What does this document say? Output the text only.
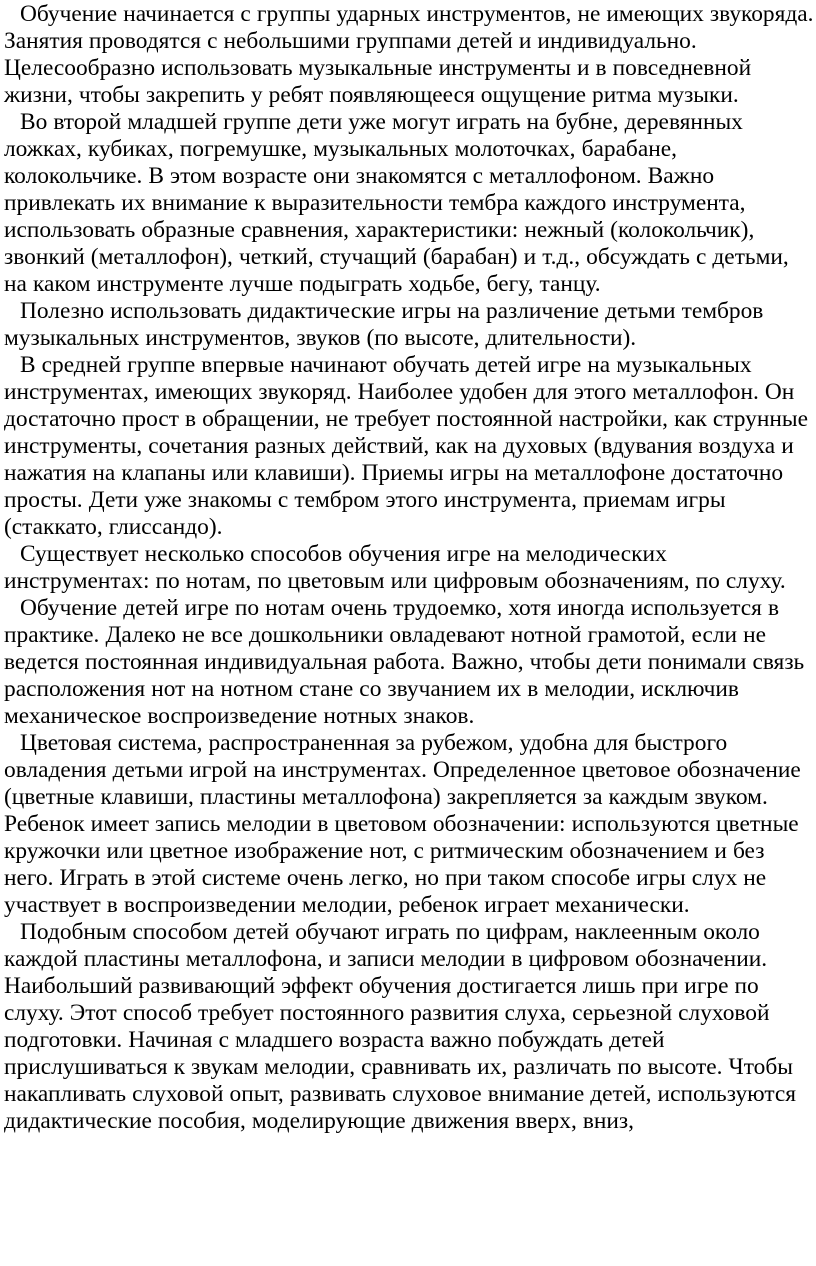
Обучение начинается с группы ударных инструментов, не имеющих звукоряда. Занятия проводятся с небольшими группами детей и индивидуально. Целесообразно использовать музыкальные инструменты и в повседневной жизни, чтобы закрепить у ребят появляющееся ощущение ритма музыки.

Во второй младшей группе дети уже могут играть на бубне, деревянных ложках, кубиках, погремушке, музыкальных молоточках, барабане, колокольчике. В этом возрасте они знакомятся с металлофоном. Важно привлекать их внимание к выразительности тембра каждого инструмента, использовать образные сравнения, характеристики: нежный (колокольчик), звонкий (металлофон), четкий, стучащий (барабан) и т.д., обсуждать с детьми, на каком инструменте лучше подыграть ходьбе, бегу, танцу.

Полезно использовать дидактические игры на различение детьми тембров музыкальных инструментов, звуков (по высоте, длительности).

В средней группе впервые начинают обучать детей игре на музыкальных инструментах, имеющих звукоряд. Наиболее удобен для этого металлофон. Он достаточно прост в обращении, не требует постоянной настройки, как струнные инструменты, сочетания разных действий, как на духовых (вдувания воздуха и нажатия на клапаны или клавиши). Приемы игры на металлофоне достаточно просты. Дети уже знакомы с тембром этого инструмента, приемам игры (стаккато, глиссандо).

Существует несколько способов обучения игре на мелодических инструментах: по нотам, по цветовым или цифровым обозначениям, по слуху.

Обучение детей игре по нотам очень трудоемко, хотя иногда используется в практике. Далеко не все дошкольники овладевают нотной грамотой, если не ведется постоянная индивидуальная работа. Важно, чтобы дети понимали связь расположения нот на нотном стане со звучанием их в мелодии, исключив механическое воспроизведение нотных знаков.

Цветовая система, распространенная за рубежом, удобна для быстрого овладения детьми игрой на инструментах. Определенное цветовое обозначение (цветные клавиши, пластины металлофона) закрепляется за каждым звуком. Ребенок имеет запись мелодии в цветовом обозначении: используются цветные кружочки или цветное изображение нот, с ритмическим обозначением и без него. Играть в этой системе очень легко, но при таком способе игры слух не участвует в воспроизведении мелодии, ребенок играет механически.

Подобным способом детей обучают играть по цифрам, наклеенным около каждой пластины металлофона, и записи мелодии в цифровом обозначении. Наибольший развивающий эффект обучения достигается лишь при игре по слуху. Этот способ требует постоянного развития слуха, серьезной слуховой подготовки. Начиная с младшего возраста важно побуждать детей прислушиваться к звукам мелодии, сравнивать их, различать по высоте. Чтобы накапливать слуховой опыт, развивать слуховое внимание детей, используются дидактические пособия, моделирующие движения вверх, вниз,
